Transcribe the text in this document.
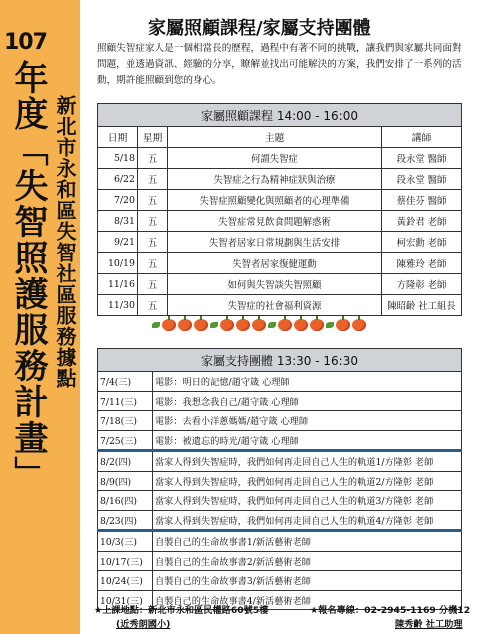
107
年度「失智照護服務計畫」 新北市永和區失智社區服務據點
家屬照顧課程/家屬支持團體
照顧失智症家人是一個相當長的歷程，過程中有著不同的挑戰，讓我們與家屬共同面對問題，並透過資訊、經驗的分享，瞭解並找出可能解決的方案，我們安排了一系列的活動，期許能照顧到您的身心。
家屬照顧課程 14:00 - 16:00			
日期	星期	主題	講師
5/18	五	何謂失智症	段永堂 醫師
6/22	五	失智症之行為精神症狀與治療	段永堂 醫師
7/20	五	失智症照顧變化與照顧者的心理準備	蔡佳芬 醫師
8/31	五	失智症常見飲食問題解惑術	黃鈴君 老師
9/21	五	失智者居家日常規劃與生活安排	柯宏勳 老師
10/19	五	失智者居家復健運動	陳雅玲 老師
11/16	五	如何與失智談失智照顧	方隆彰 老師
11/30	五	失智症的社會福利資源	陳昭齡 社工組長
家屬支持團體 13:30 - 16:30	
7/4(三)	電影：明日的記憶/趙守箴 心理師
7/11(三)	電影：我想念我自己/趙守箴 心理師
7/18(三)	電影：去看小洋蔥媽媽/趙守箴 心理師
7/25(三)	電影：被遺忘的時光/趙守箴 心理師
8/2(四)	當家人得到失智症時，我們如何再走回自己人生的軌道1/方隆彰 老師
8/9(四)	當家人得到失智症時，我們如何再走回自己人生的軌道2/方隆彰 老師
8/16(四)	當家人得到失智症時，我們如何再走回自己人生的軌道3/方隆彰 老師
8/23(四)	當家人得到失智症時，我們如何再走回自己人生的軌道4/方隆彰 老師
10/3(三)	自製自己的生命故事書1/新活藝術老師
10/17(三)	自製自己的生命故事書2/新活藝術老師
10/24(三)	自製自己的生命故事書3/新活藝術老師
10/31(三)	自製自己的生命故事書4/新活藝術老師
★上課地點：新北市永和區民權路60號5樓	★報名專線：02-2945-1169 分機12
(近秀朗國小)	陳秀齡 社工助理
